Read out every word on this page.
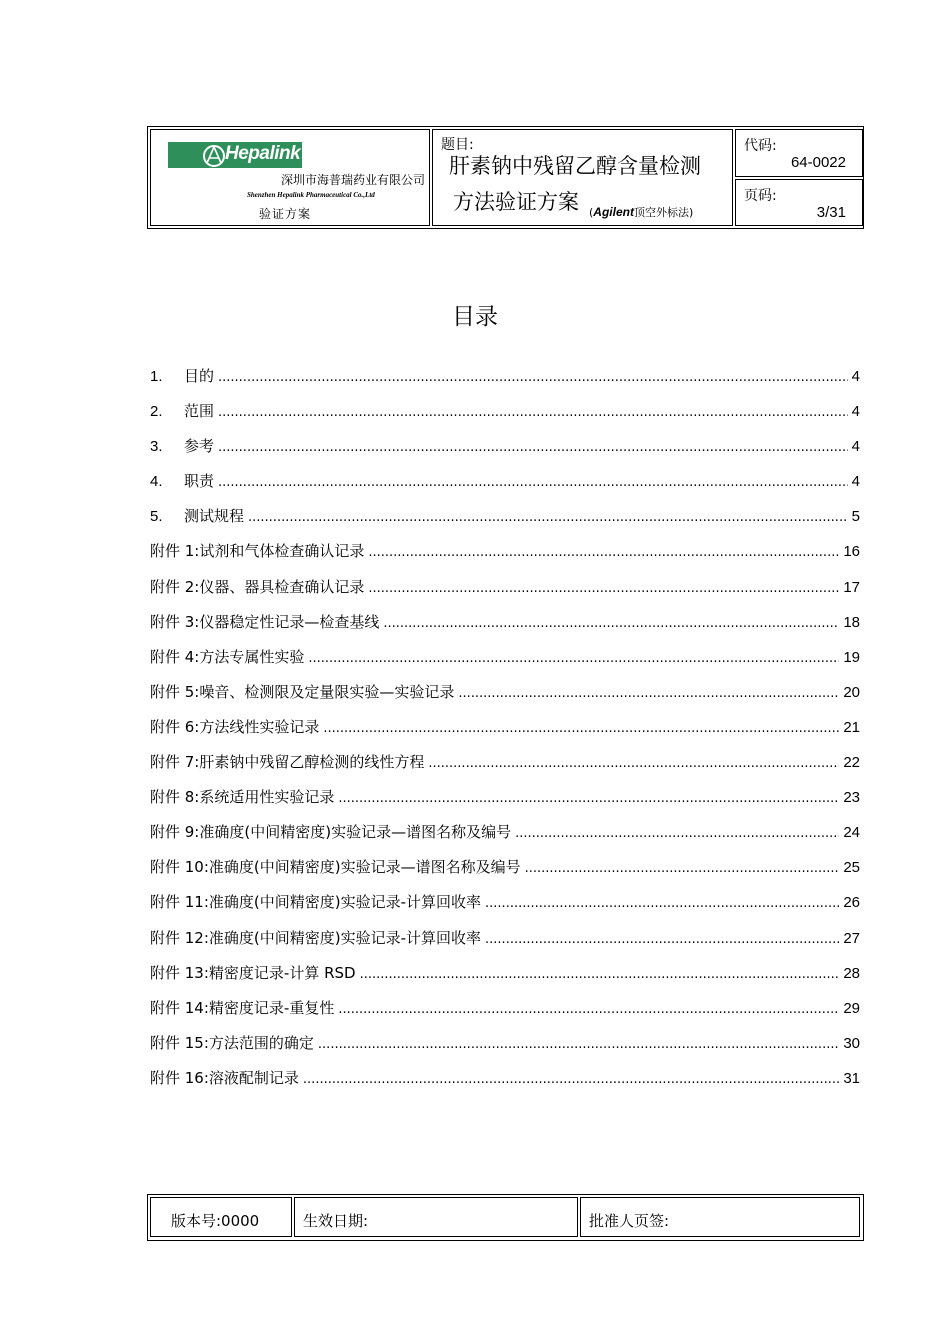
Hepalink
深圳市海普瑞药业有限公司
Shenzhen Hepalink Pharmaceutical Co.,Ltd
验证方案
题目:
肝素钠中残留乙醇含量检测
方法验证方案 (Agilent顶空外标法)
代码:
64-0022
页码:
3/31
目录
1.	目的 .....	4
2.	范围 .....	4
3.	参考 .....	4
4.	职责 .....	4
5.	测试规程 .....	5
附件 1:试剂和气体检查确认记录 .....	16
附件 2:仪器、器具检查确认记录 .....	17
附件 3:仪器稳定性记录—检查基线 .....	18
附件 4:方法专属性实验 .....	19
附件 5:噪音、检测限及定量限实验—实验记录 .....	20
附件 6:方法线性实验记录 .....	21
附件 7:肝素钠中残留乙醇检测的线性方程 .....	22
附件 8:系统适用性实验记录 .....	23
附件 9:准确度(中间精密度)实验记录—谱图名称及编号 .....	24
附件 10:准确度(中间精密度)实验记录—谱图名称及编号 .....	25
附件 11:准确度(中间精密度)实验记录-计算回收率 .....	26
附件 12:准确度(中间精密度)实验记录-计算回收率 .....	27
附件 13:精密度记录-计算 RSD .....	28
附件 14:精密度记录-重复性 .....	29
附件 15:方法范围的确定 .....	30
附件 16:溶液配制记录 .....	31
版本号:0000	生效日期:	批准人页签:
